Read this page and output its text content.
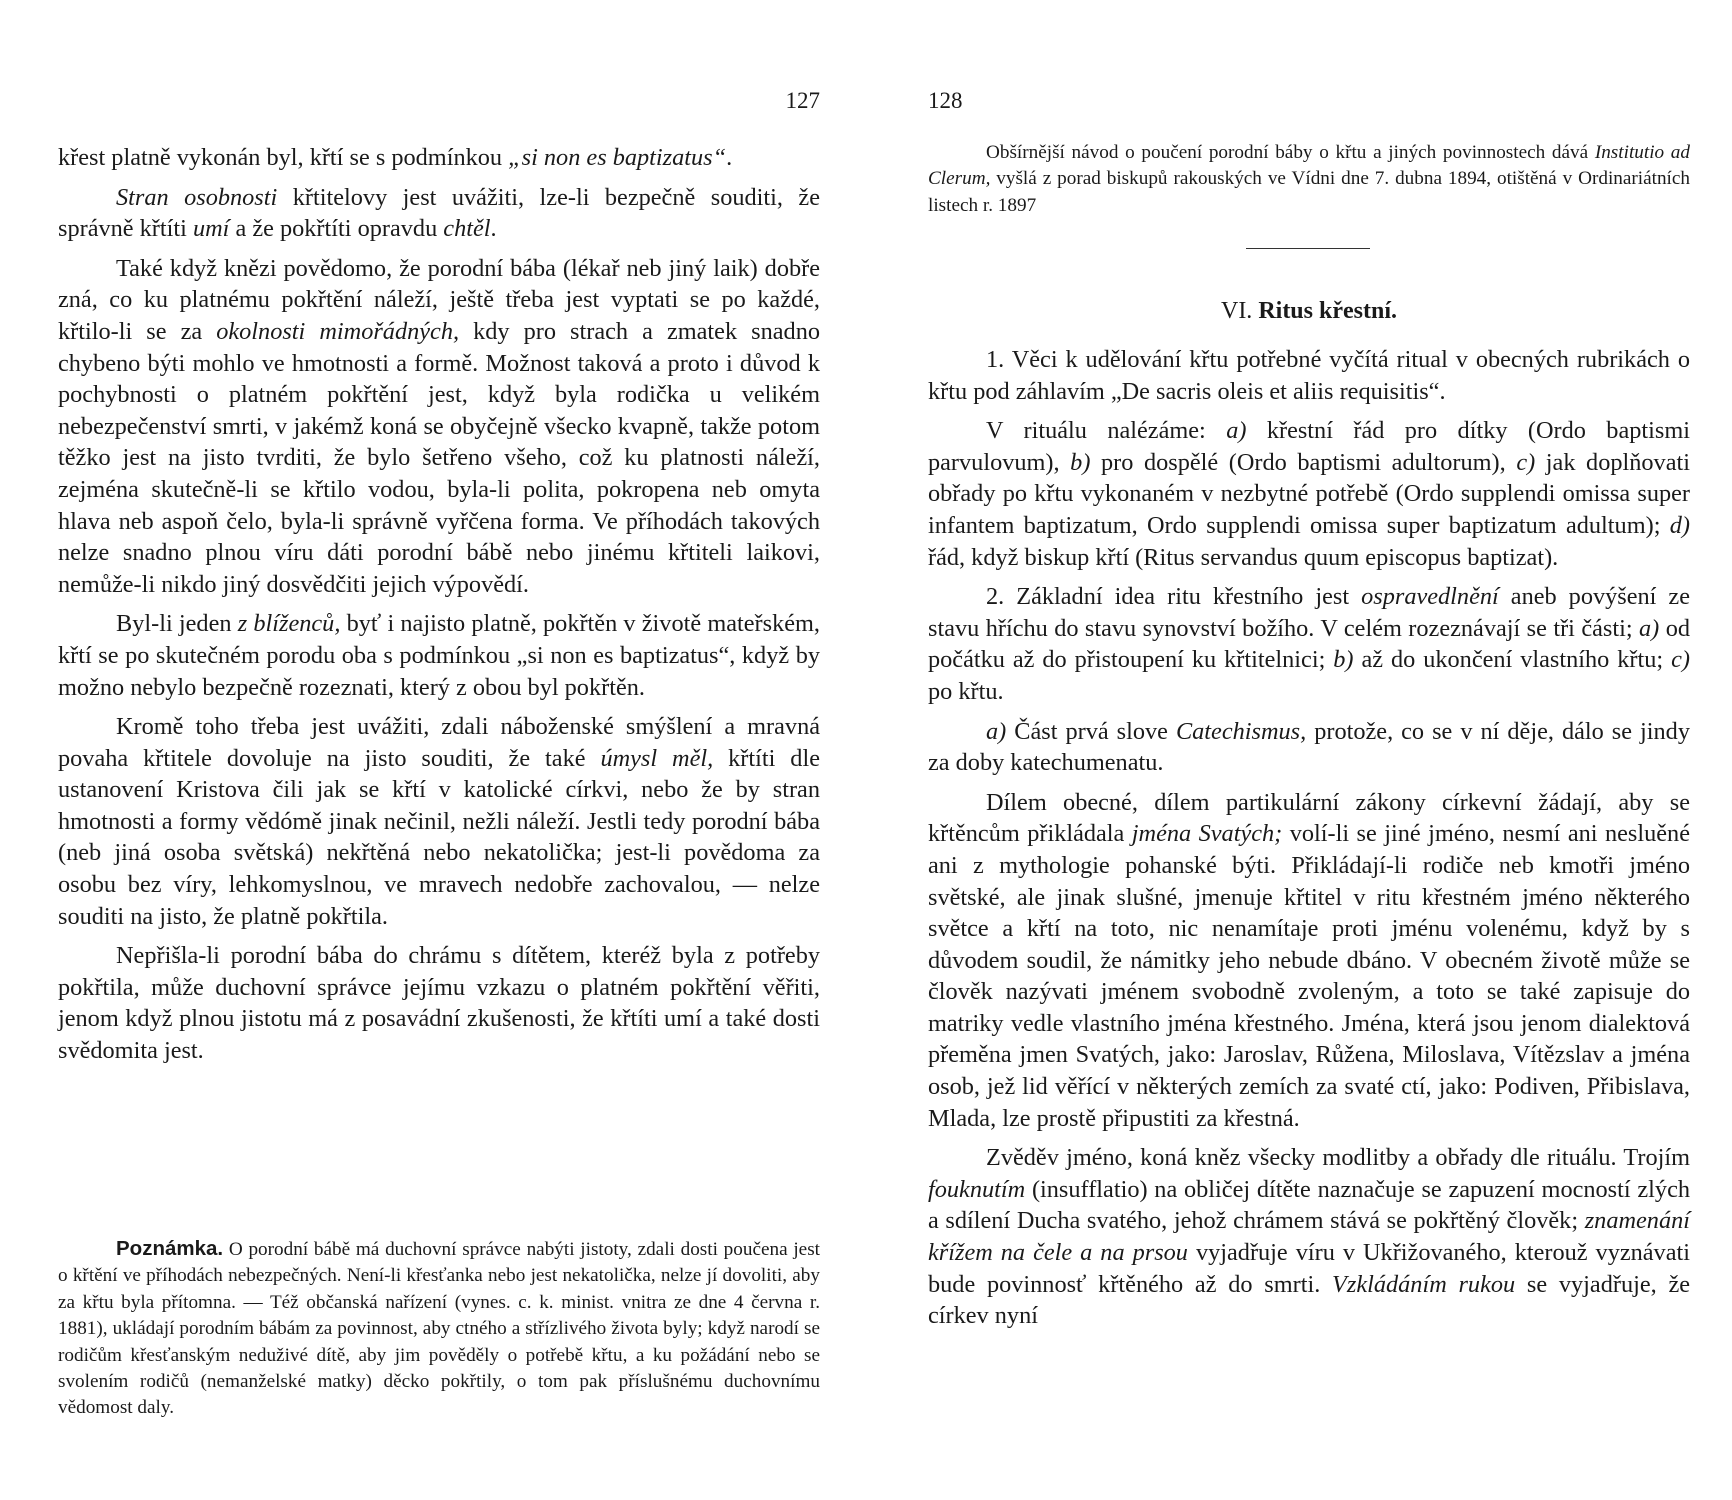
127

křest platně vykonán byl, křtí se s podmínkou „si non es baptizatus“.

Stran osobnosti křtitelovy jest uvážiti, lze-li bezpečně souditi, že správně křtíti umí a že pokřtíti opravdu chtěl.

Také když knězi povědomo, že porodní bába (lékař neb jiný laik) dobře zná, co ku platnému pokřtění náleží, ještě třeba jest vyptati se po každé, křtilo-li se za okolnosti mimořádných, kdy pro strach a zmatek snadno chybeno býti mohlo ve hmotnosti a formě. Možnost taková a proto i důvod k pochybnosti o platném pokřtění jest, když byla rodička u velikém nebezpečenství smrti, v jakémž koná se obyčejně všecko kvapně, takže potom těžko jest na jisto tvrditi, že bylo šetřeno všeho, což ku platnosti náleží, zejména skutečně-li se křtilo vodou, byla-li polita, pokropena neb omyta hlava neb aspoň čelo, byla-li správně vyřčena forma. Ve příhodách takových nelze snadno plnou víru dáti porodní bábě nebo jinému křtiteli laikovi, nemůže-li nikdo jiný dosvědčiti jejich výpovědí.

Byl-li jeden z blíženců, byť i najisto platně, pokřtěn v životě mateřském, křtí se po skutečném porodu oba s podmínkou „si non es baptizatus“, když by možno nebylo bezpečně rozeznati, který z obou byl pokřtěn.

Kromě toho třeba jest uvážiti, zdali náboženské smýšlení a mravná povaha křtitele dovoluje na jisto souditi, že také úmysl měl, křtíti dle ustanovení Kristova čili jak se křtí v katolické církvi, nebo že by stran hmotnosti a formy vědómě jinak nečinil, nežli náleží. Jestli tedy porodní bába (neb jiná osoba světská) nekřtěná nebo nekatolička; jest-li povědoma za osobu bez víry, lehkomyslnou, ve mravech nedobře zachovalou, — nelze souditi na jisto, že platně pokřtila.

Nepřišla-li porodní bába do chrámu s dítětem, kteréž byla z potřeby pokřtila, může duchovní správce jejímu vzkazu o platném pokřtění věřiti, jenom když plnou jistotu má z posavádní zkušenosti, že křtíti umí a také dosti svědomita jest.

Poznámka. O porodní bábě má duchovní správce nabýti jistoty, zdali dosti poučena jest o křtění ve příhodách nebezpečných. Není-li křesťanka nebo jest nekatolička, nelze jí dovoliti, aby za křtu byla přítomna. — Též občanská nařízení (vynes. c. k. minist. vnitra ze dne 4 června r. 1881), ukládají porodním bábám za povinnost, aby ctného a střízlivého života byly; když narodí se rodičům křesťanským neduživé dítě, aby jim pověděly o potřebě křtu, a ku požádání nebo se svolením rodičů (nemanželské matky) děcko pokřtily, o tom pak příslušnému duchovnímu vědomost daly.
128
Obšírnější návod o poučení porodní báby o křtu a jiných povinnostech dává Institutio ad Clerum, vyšlá z porad biskupů rakouských ve Vídni dne 7. dubna 1894, otištěná v Ordinariátních listech r. 1897
VI. Ritus křestní.

1. Věci k udělování křtu potřebné vyčítá ritual v obecných rubrikách o křtu pod záhlavím „De sacris oleis et aliis requisitis“.

V rituálu nalézáme: a) křestní řád pro dítky (Ordo baptismi parvulovum), b) pro dospělé (Ordo baptismi adultorum), c) jak doplňovati obřady po křtu vykonaném v nezbytné potřebě (Ordo supplendi omissa super infantem baptizatum, Ordo supplendi omissa super baptizatum adultum); d) řád, když biskup křtí (Ritus servandus quum episcopus baptizat).

2. Základní idea ritu křestního jest ospravedlnění aneb povýšení ze stavu hříchu do stavu synovství božího. V celém rozeznávají se tři části; a) od počátku až do přistoupení ku křtitelnici; b) až do ukončení vlastního křtu; c) po křtu.

a) Část prvá slove Catechismus, protože, co se v ní děje, dálo se jindy za doby katechumenatu.

Dílem obecné, dílem partikulární zákony církevní žádají, aby se křtěncům přikládala jména Svatých; volí-li se jiné jméno, nesmí ani nesluěné ani z mythologie pohanské býti. Přikládají-li rodiče neb kmotři jméno světské, ale jinak slušné, jmenuje křtitel v ritu křestném jméno některého světce a křtí na toto, nic nenamítaje proti jménu volenému, když by s důvodem soudil, že námitky jeho nebude dbáno. V obecném životě může se člověk nazývati jménem svobodně zvoleným, a toto se také zapisuje do matriky vedle vlastního jména křestného. Jména, která jsou jenom dialektová přeměna jmen Svatých, jako: Jaroslav, Růžena, Miloslava, Vítězslav a jména osob, jež lid věřící v některých zemích za svaté ctí, jako: Podiven, Přibislava, Mlada, lze prostě připustiti za křestná.

Zvěděv jméno, koná kněz všecky modlitby a obřady dle rituálu. Trojím fouknutím (insufflatio) na obličej dítěte naznačuje se zapuzení mocností zlých a sdílení Ducha svatého, jehož chrámem stává se pokřtěný člověk; znamenání křížem na čele a na prsou vyjadřuje víru v Ukřižovaného, kterouž vyznávati bude povinnosť křtěného až do smrti. Vzkládáním rukou se vyjadřuje, že církev nyní
